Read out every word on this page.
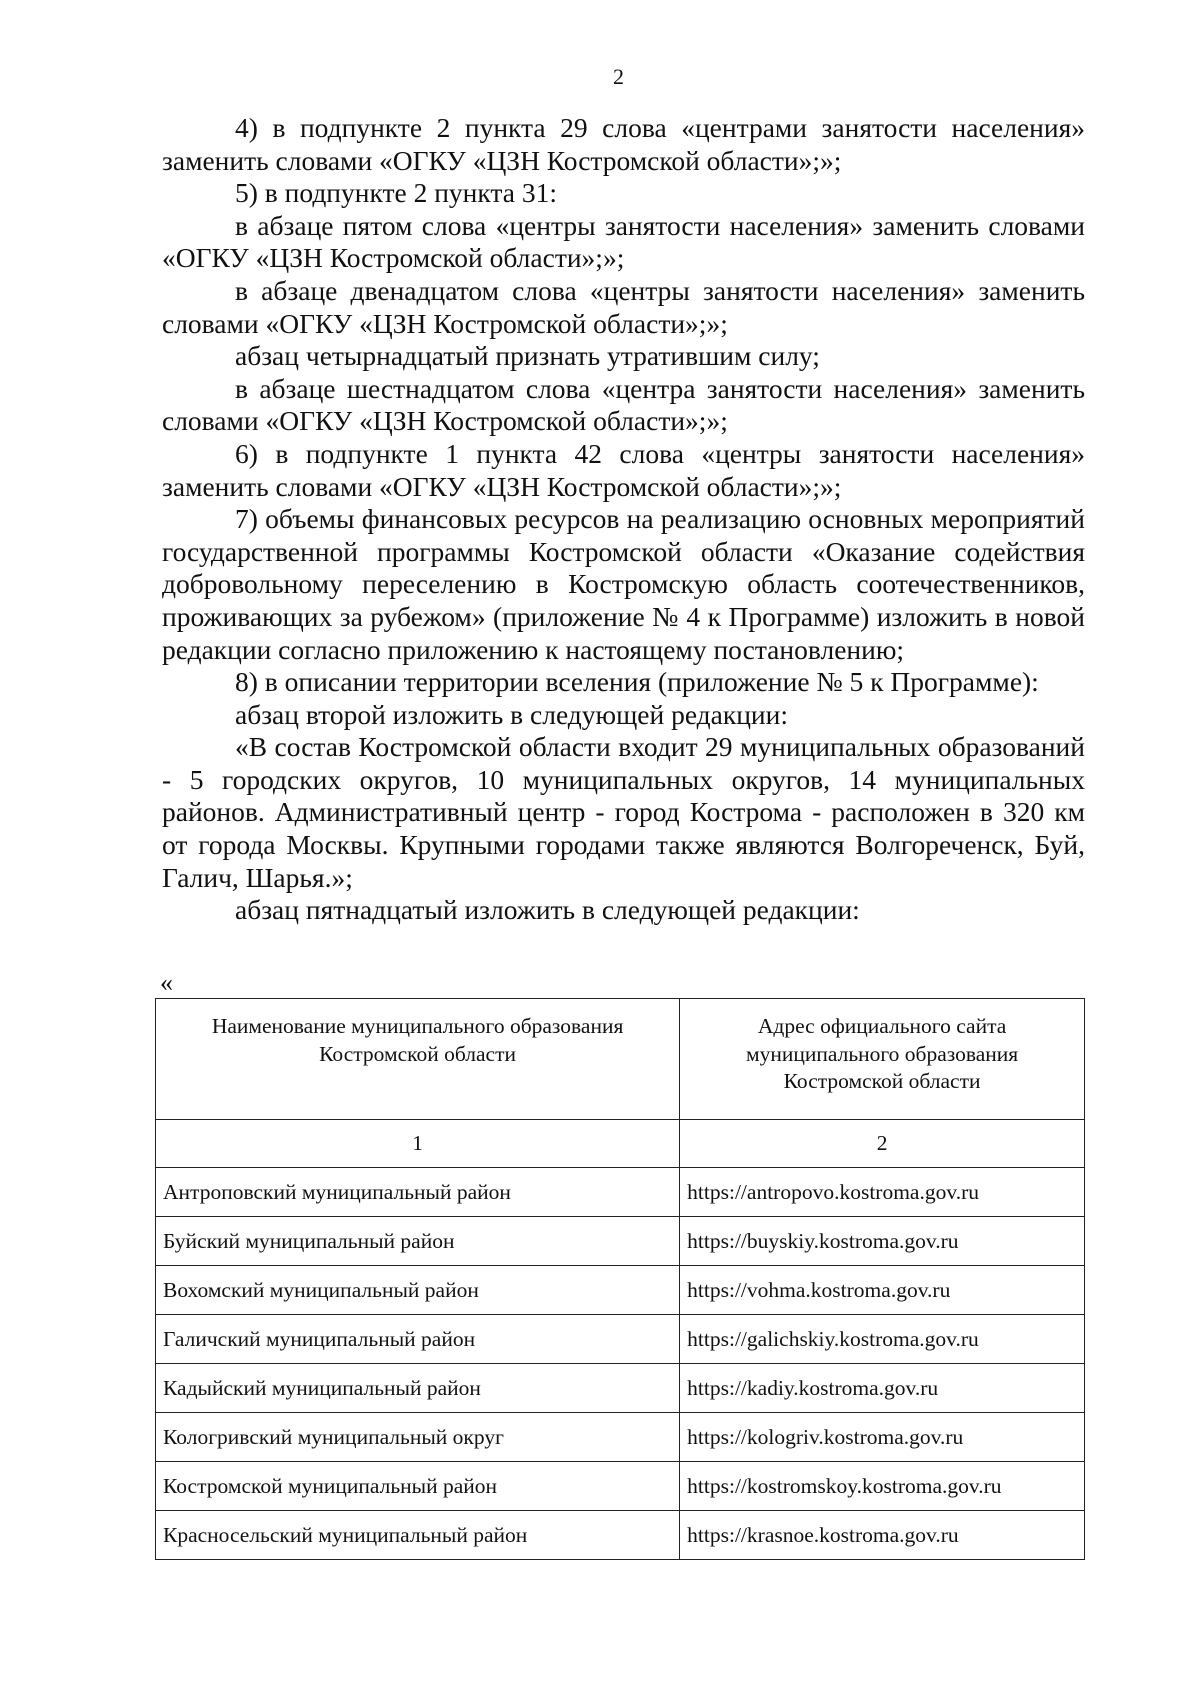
2

4) в подпункте 2 пункта 29 слова «центрами занятости населения» заменить словами «ОГКУ «ЦЗН Костромской области»;»;

5) в подпункте 2 пункта 31:

в абзаце пятом слова «центры занятости населения» заменить словами «ОГКУ «ЦЗН Костромской области»;»;

в абзаце двенадцатом слова «центры занятости населения» заменить словами «ОГКУ «ЦЗН Костромской области»;»;

абзац четырнадцатый признать утратившим силу;

в абзаце шестнадцатом слова «центра занятости населения» заменить словами «ОГКУ «ЦЗН Костромской области»;»;

6) в подпункте 1 пункта 42 слова «центры занятости населения» заменить словами «ОГКУ «ЦЗН Костромской области»;»;

7) объемы финансовых ресурсов на реализацию основных мероприятий государственной программы Костромской области «Оказание содействия добровольному переселению в Костромскую область соотечественников, проживающих за рубежом» (приложение № 4 к Программе) изложить в новой редакции согласно приложению к настоящему постановлению;

8) в описании территории вселения (приложение № 5 к Программе):

абзац второй изложить в следующей редакции:

«В состав Костромской области входит 29 муниципальных образований - 5 городских округов, 10 муниципальных округов, 14 муниципальных районов. Административный центр - город Кострома - расположен в 320 км от города Москвы. Крупными городами также являются Волгореченск, Буй, Галич, Шарья.»;

абзац пятнадцатый изложить в следующей редакции:

«
Наименование муниципального образования Костромской области	Адрес официального сайта муниципального образования Костромской области
1	2
Антроповский муниципальный район	https://antropovo.kostroma.gov.ru
Буйский муниципальный район	https://buyskiy.kostroma.gov.ru
Вохомский муниципальный район	https://vohma.kostroma.gov.ru
Галичский муниципальный район	https://galichskiy.kostroma.gov.ru
Кадыйский муниципальный район	https://kadiy.kostroma.gov.ru
Кологривский муниципальный округ	https://kologriv.kostroma.gov.ru
Костромской муниципальный район	https://kostromskoy.kostroma.gov.ru
Красносельский муниципальный район	https://krasnoe.kostroma.gov.ru
